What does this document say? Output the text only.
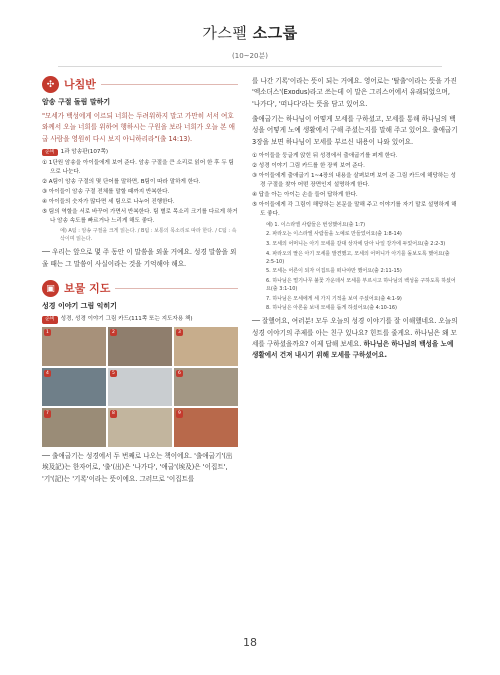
가스펠 소그룹
(10~20분)
✣ 나침반
암송 구절 돌림 말하기
"모세가 백성에게 이르되 너희는 두려워하지 말고 가만히 서서 여호와께서 오늘 너희를 위하여 행하시는 구원을 보라 너희가 오늘 본 애굽 사람을 영원히 다시 보지 아니하리라"(출 14:13).
준비 1과 암송판(107쪽)
① 1단원 암송을 아이들에게 보여 준다. 암송 구절을 큰 소리로 읽어 한 후 두 팀으로 나눈다.
② A팀이 암송 구절의 몇 단어를 말하면, B팀이 따라 말하게 한다.
③ 아이들이 암송 구절 전체를 말할 때까지 반복한다.
④ 아이들의 숫자가 많다면 세 팀으로 나누어 진행한다.
⑤ 팀의 역할을 서로 바꾸어 가면서 반복한다. 팀 별로 목소리 크기를 다르게 하거나 암송 속도를 빠르거나 느리게 해도 좋다.
예) A팀 : 암송 구절을 크게 읽는다. / B팀 : 보통의 목소리로 따라 한다. / C팀 : 속삭이며 읽는다.
── 우리는 앞으로 몇 주 동안 이 말씀을 외울 거예요. 성경 말씀을 외울 때는 그 말씀이 사실이라는 것을 기억해야 해요.
▣ 보물 지도
성경 이야기 그림 익히기
준비 성경, 성경 이야기 그림 카드(111쪽 또는 지도자용 책)
1	2	3
4	5	6
7	8	9
── 출애굽기는 성경에서 두 번째로 나오는 책이에요. '출애굽기'(出埃及記)는 한자어로, '출'(出)은 '나가다', '애굽'(埃及)은 '이집트', '기'(記)는 '기록'이라는 뜻이에요. 그러므로 '이집트를
를 나간 기록'이라는 뜻이 되는 거예요. 영어로는 '탈출'이라는 뜻을 가진 '엑소더스'(Exodus)라고 쓰는데 이 말은 그리스어에서 유래되었으며, '나가다', '떠나다'라는 뜻을 담고 있어요.
출애굽기는 하나님이 어떻게 모세를 구하셨고, 모세를 통해 하나님의 백성을 어떻게 노예 생활에서 구해 주셨는지를 말해 주고 있어요. 출애굽기 3장을 보면 하나님이 모세를 부르신 내용이 나와 있어요.
① 아이들을 둥글게 앉힌 뒤 성경에서 출애굽기를 펴게 한다.
② 성경 이야기 그림 카드를 한 장씩 보여 준다.
③ 아이들에게 출애굽기 1~4장의 내용을 살펴보며 보여 준 그림 카드에 해당하는 성경 구절을 찾아 어떤 장면인지 설명하게 한다.
④ 답을 아는 아이는 손을 들어 답하게 한다.
⑤ 아이들에게 각 그림이 해당하는 본문을 말해 주고 이야기를 자기 말로 설명하게 해도 좋다.
예) 1. 이스라엘 사람들은 번성했어요(출 1:7)
2. 파라오는 이스라엘 사람들을 노예로 만들었어요(출 1:8-14)
3. 모세의 어머니는 아기 모세를 갈대 상자에 담아 나일 강가에 두었어요(출 2:2-3)
4. 파라오의 딸은 아기 모세를 발견했고, 모세의 어머니가 아기를 돌보도록 했어요(출 2:5-10)
5. 모세는 어른이 되자 이집트를 떠나야만 했어요(출 2:11-15)
6. 하나님은 떨기나무 불꽃 가운데서 모세를 부르시고 하나님의 백성을 구하도록 하셨어요(출 3:1-10)
7. 하나님은 모세에게 세 가지 기적을 보여 주셨어요(출 4:1-9)
8. 하나님은 아론을 보내 모세를 돕게 하셨어요(출 4:10-16)
── 잘했어요, 여러분! 모두 오늘의 성경 이야기를 잘 이해했네요. 오늘의 성경 이야기의 주제를 아는 친구 있나요? 힌트를 줄게요. 하나님은 왜 모세를 구하셨을까요? 이제 답해 보세요. 하나님은 하나님의 백성을 노예 생활에서 건져 내시기 위해 모세를 구하셨어요.
18
